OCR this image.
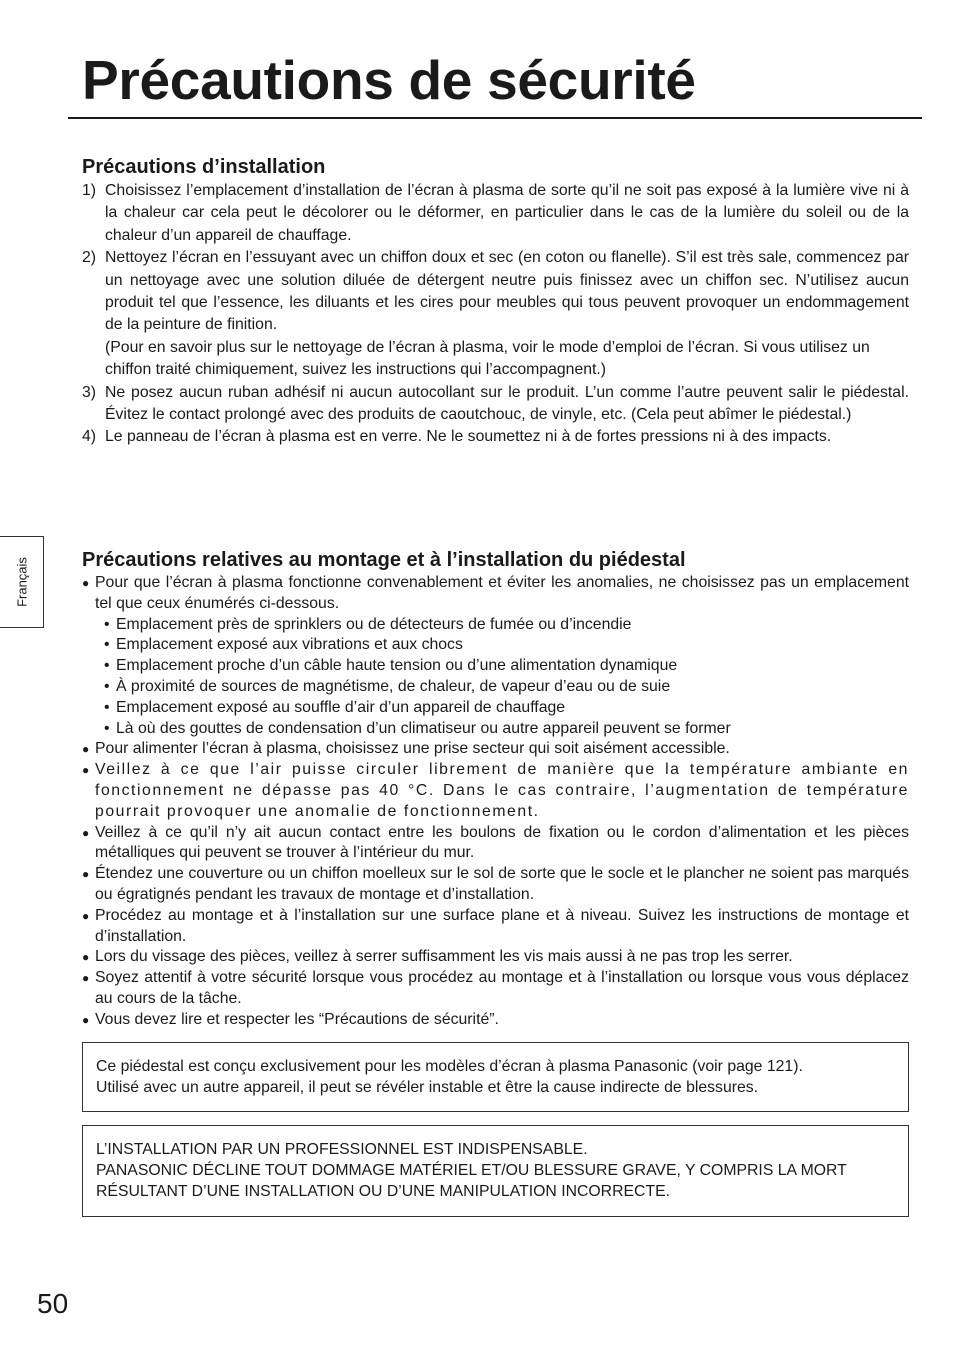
Précautions de sécurité
Précautions d’installation
1) Choisissez l’emplacement d’installation de l’écran à plasma de sorte qu’il ne soit pas exposé à la lumière vive ni à la chaleur car cela peut le décolorer ou le déformer, en particulier dans le cas de la lumière du soleil ou de la chaleur d’un appareil de chauffage.
2) Nettoyez l’écran en l’essuyant avec un chiffon doux et sec (en coton ou flanelle). S’il est très sale, commencez par un nettoyage avec une solution diluée de détergent neutre puis finissez avec un chiffon sec. N’utilisez aucun produit tel que l’essence, les diluants et les cires pour meubles qui tous peuvent provoquer un endommagement de la peinture de finition.
(Pour en savoir plus sur le nettoyage de l’écran à plasma, voir le mode d’emploi de l’écran. Si vous utilisez un chiffon traité chimiquement, suivez les instructions qui l’accompagnent.)
3) Ne posez aucun ruban adhésif ni aucun autocollant sur le produit. L’un comme l’autre peuvent salir le piédestal. Évitez le contact prolongé avec des produits de caoutchouc, de vinyle, etc. (Cela peut abîmer le piédestal.)
4) Le panneau de l’écran à plasma est en verre. Ne le soumettez ni à de fortes pressions ni à des impacts.
Français	Précautions relatives au montage et à l’installation du piédestal
● Pour que l’écran à plasma fonctionne convenablement et éviter les anomalies, ne choisissez pas un emplacement tel que ceux énumérés ci-dessous.
• Emplacement près de sprinklers ou de détecteurs de fumée ou d’incendie
• Emplacement exposé aux vibrations et aux chocs
• Emplacement proche d’un câble haute tension ou d’une alimentation dynamique
• À proximité de sources de magnétisme, de chaleur, de vapeur d’eau ou de suie
• Emplacement exposé au souffle d’air d’un appareil de chauffage
• Là où des gouttes de condensation d’un climatiseur ou autre appareil peuvent se former
● Pour alimenter l’écran à plasma, choisissez une prise secteur qui soit aisément accessible.
● Veillez à ce que l’air puisse circuler librement de manière que la température ambiante en fonctionnement ne dépasse pas 40 °C. Dans le cas contraire, l’augmentation de température pourrait provoquer une anomalie de fonctionnement.
● Veillez à ce qu’il n’y ait aucun contact entre les boulons de fixation ou le cordon d’alimentation et les pièces métalliques qui peuvent se trouver à l’intérieur du mur.
● Étendez une couverture ou un chiffon moelleux sur le sol de sorte que le socle et le plancher ne soient pas marqués ou égratignés pendant les travaux de montage et d’installation.
● Procédez au montage et à l’installation sur une surface plane et à niveau. Suivez les instructions de montage et d’installation.
● Lors du vissage des pièces, veillez à serrer suffisamment les vis mais aussi à ne pas trop les serrer.
● Soyez attentif à votre sécurité lorsque vous procédez au montage et à l’installation ou lorsque vous vous déplacez au cours de la tâche.
● Vous devez lire et respecter les “Précautions de sécurité”.

Ce piédestal est conçu exclusivement pour les modèles d’écran à plasma Panasonic (voir page 121).

Utilisé avec un autre appareil, il peut se révéler instable et être la cause indirecte de blessures.

L’INSTALLATION PAR UN PROFESSIONNEL EST INDISPENSABLE.

PANASONIC DÉCLINE TOUT DOMMAGE MATÉRIEL ET/OU BLESSURE GRAVE, Y COMPRIS LA MORT RÉSULTANT D’UNE INSTALLATION OU D’UNE MANIPULATION INCORRECTE.

50
